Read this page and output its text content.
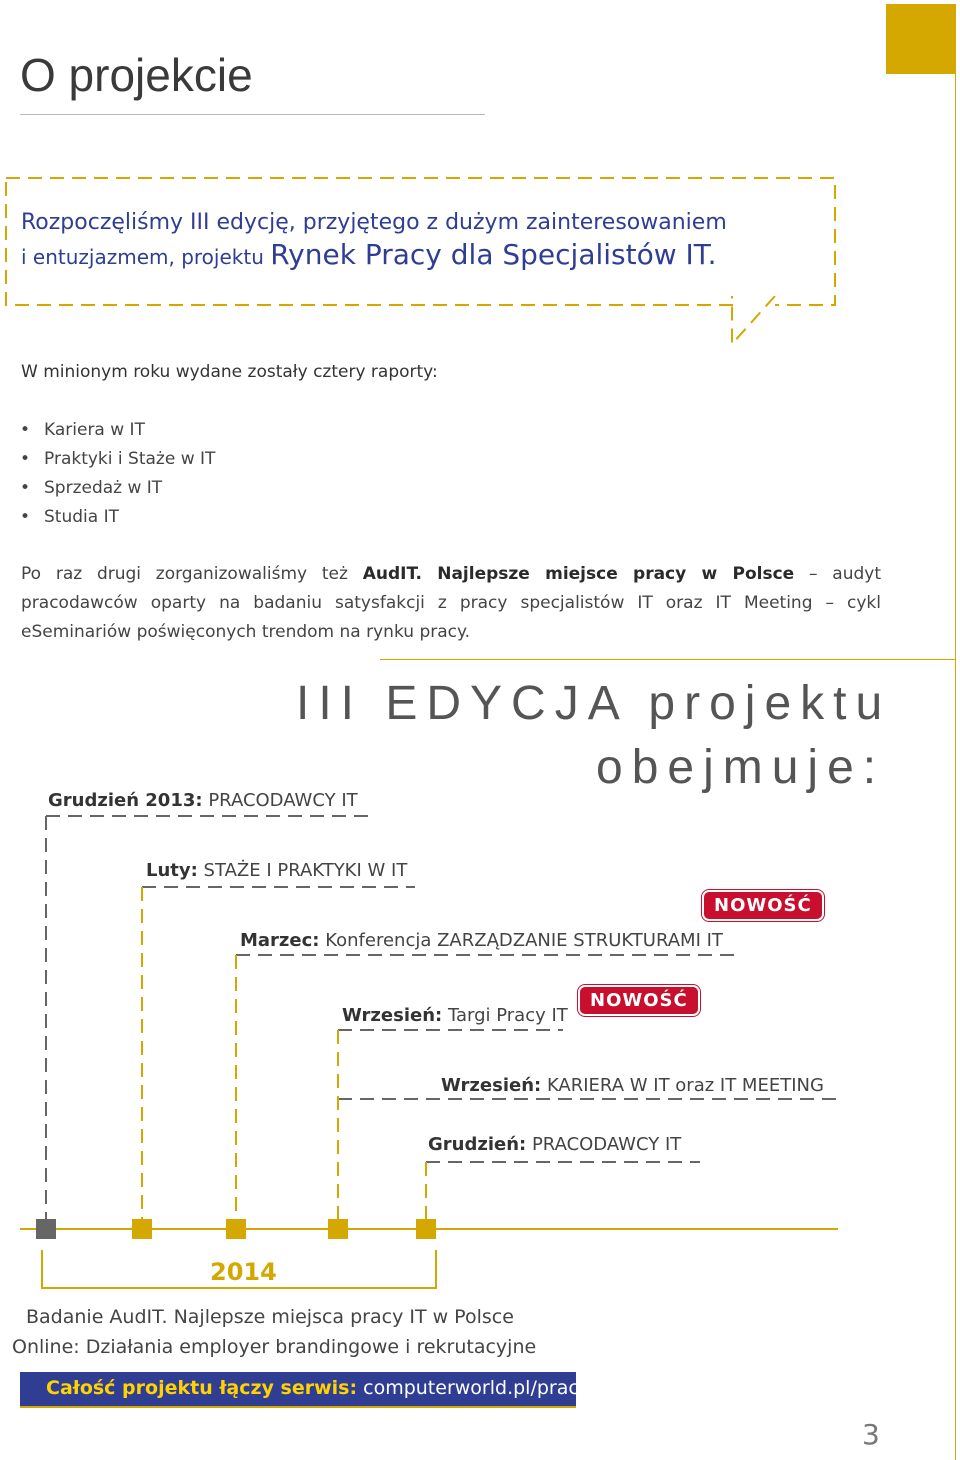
O projekcie
Rozpoczęliśmy III edycję, przyjętego z dużym zainteresowaniem
i entuzjazmem, projektu Rynek Pracy dla Specjalistów IT.
W minionym roku wydane zostały cztery raporty:
• Kariera w IT
• Praktyki i Staże w IT
• Sprzedaż w IT
• Studia IT
Po raz drugi zorganizowaliśmy też AudIT. Najlepsze miejsce pracy w Polsce – audyt pracodawców oparty na badaniu satysfakcji z pracy specjalistów IT oraz IT Meeting – cykl eSeminariów poświęconych trendom na rynku pracy.
III EDYCJA projektu
obejmuje:
Grudzień 2013: PRACODAWCY IT
Luty: STAŻE I PRAKTYKI W IT
Marzec: Konferencja ZARZĄDZANIE STRUKTURAMI IT
Wrzesień: Targi Pracy IT
Wrzesień: KARIERA W IT oraz IT MEETING
Grudzień: PRACODAWCY IT
NOWOŚĆ
NOWOŚĆ
2014
Badanie AudIT. Najlepsze miejsca pracy IT w Polsce
Online: Działania employer brandingowe i rekrutacyjne
Całość projektu łączy serwis: computerworld.pl/praca
3
